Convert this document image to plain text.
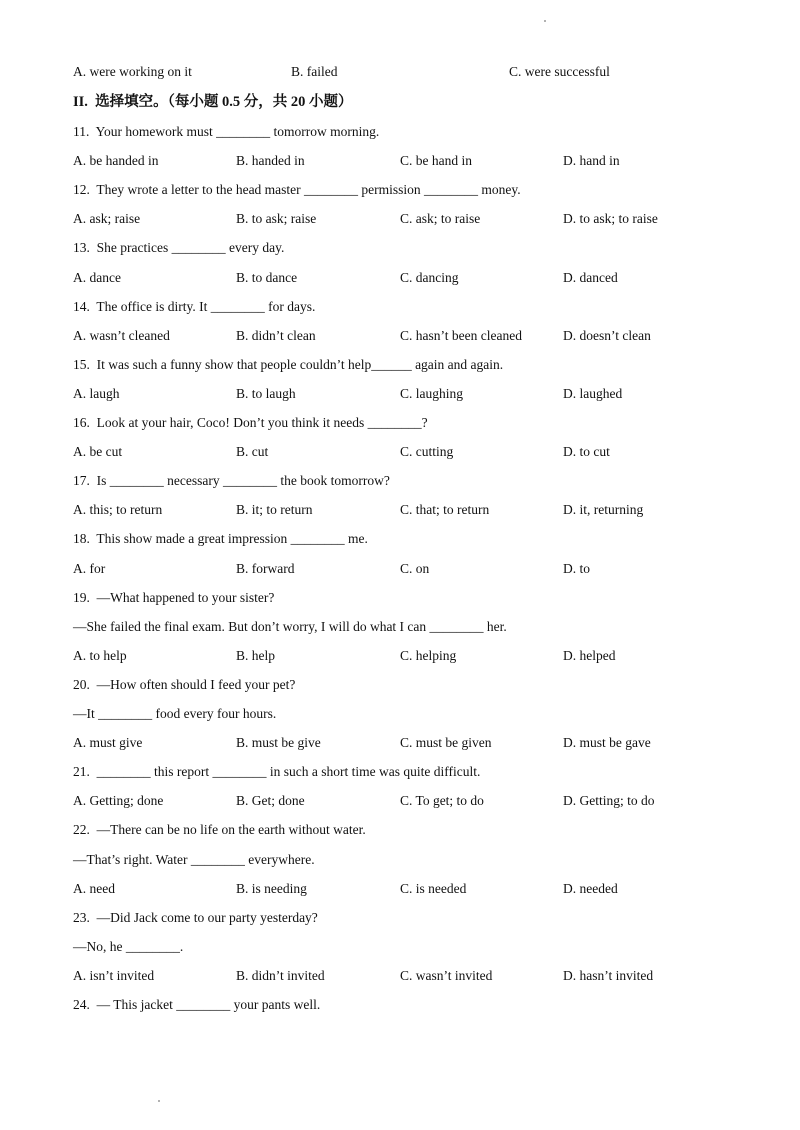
A. were working on it	B. failed	C. were successful
II.  选择填空。（每小题 0.5 分，共 20 小题）
11.  Your homework must ________ tomorrow morning.
A. be handed in	B. handed in	C. be hand in	D. hand in
12.  They wrote a letter to the head master ________ permission ________ money.
A. ask; raise	B. to ask; raise	C. ask; to raise	D. to ask; to raise
13.  She practices ________ every day.
A. dance	B. to dance	C. dancing	D. danced
14.  The office is dirty. It ________ for days.
A. wasn’t cleaned	B. didn’t clean	C. hasn’t been cleaned	D. doesn’t clean
15.  It was such a funny show that people couldn’t help______ again and again.
A. laugh	B. to laugh	C. laughing	D. laughed
16.  Look at your hair, Coco! Don’t you think it needs ________?
A. be cut	B. cut	C. cutting	D. to cut
17.  Is ________ necessary ________ the book tomorrow?
A. this; to return	B. it; to return	C. that; to return	D. it, returning
18.  This show made a great impression ________ me.
A. for	B. forward	C. on	D. to
19.  —What happened to your sister?
—She failed the final exam. But don’t worry, I will do what I can ________ her.
A. to help	B. help	C. helping	D. helped
20.  —How often should I feed your pet?
—It ________ food every four hours.
A. must give	B. must be give	C. must be given	D. must be gave
21.  ________ this report ________ in such a short time was quite difficult.
A. Getting; done	B. Get; done	C. To get; to do	D. Getting; to do
22.  —There can be no life on the earth without water.
—That’s right. Water ________ everywhere.
A. need	B. is needing	C. is needed	D. needed
23.  —Did Jack come to our party yesterday?
—No, he ________.
A. isn’t invited	B. didn’t invited	C. wasn’t invited	D. hasn’t invited
24.  — This jacket ________ your pants well.
